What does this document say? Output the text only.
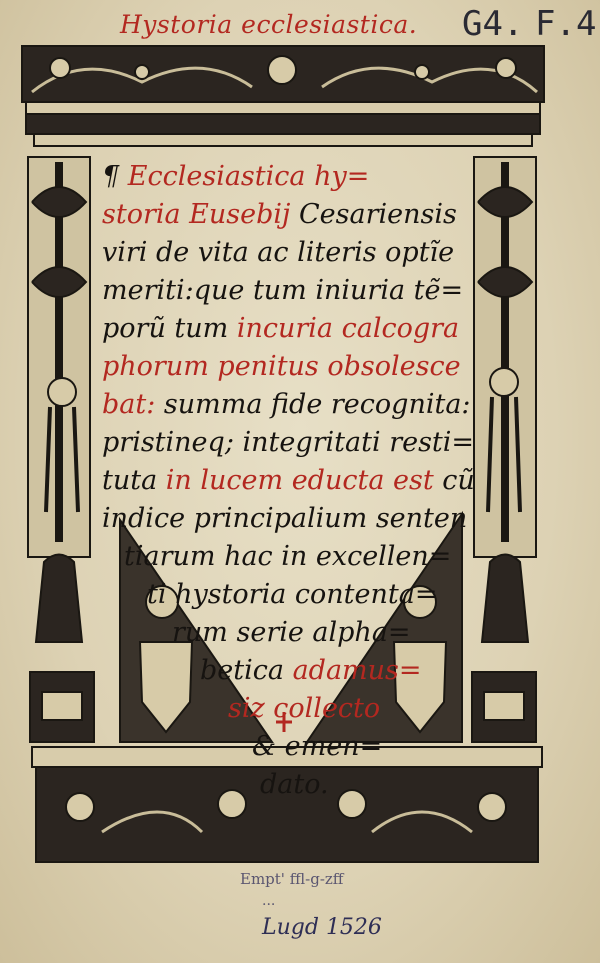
Hystoria ecclesiastica.	G4. F.4
¶ Ecclesiastica hy=
storia Eusebij Cesariensis
viri de vita ac literis optĩe
meriti:que tum iniuria tẽ=
porũ tum incuria calcogra
phorum penitus obsolesce
bat: summa fide recognita:
pristineq; integritati resti=
tuta in lucem educta est cũ
indice principalium senten
tiarum hac in excellen=
ti hystoria contenta=
rum serie alpha=
betica adamus=
siz collecto
& emen=
dato.
Empt' ffl-g-zff
...
Lugd 1526
